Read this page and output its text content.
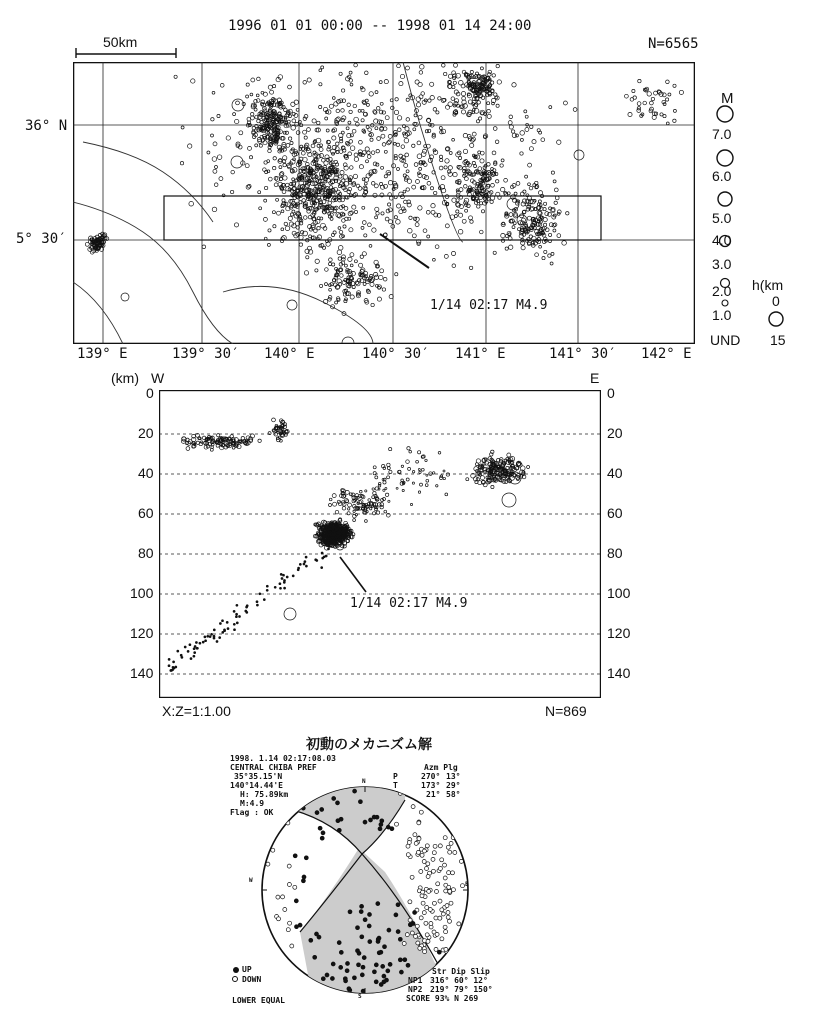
1996 01 01 00:00 -- 1998 01 14 24:00
N=6565
50km
36° N
5° 30′
1/14 02:17 M4.9
139° E	139° 30′ 140° E	140° 30′ 141° E	141° 30′ 142° E
M
7.0
6.0
5.0
4.0
3.0
2.0
1.0
UND
h(km
0
15
(km) W	E
1/14 02:17 M4.9
X:Z=1:1.00	N=869
初動のメカニズム解
1998. 1.14 02:17:08.03
CENTRAL CHIBA PREF
35°35.15'N
140°14.44'E
H: 75.89km
M:4.9
Flag : OK
Azm Plg
P	270° 13°
T	173° 29°
21° 58°
N
E
S
W
Str Dip Slip
NP1 316° 60° 12°
NP2 219° 79° 150°
SCORE 93% N 269
UP
DOWN
LOWER EQUAL
0	0
20	20
40	40
60	60
80	80
100	100
120	120
140	140
